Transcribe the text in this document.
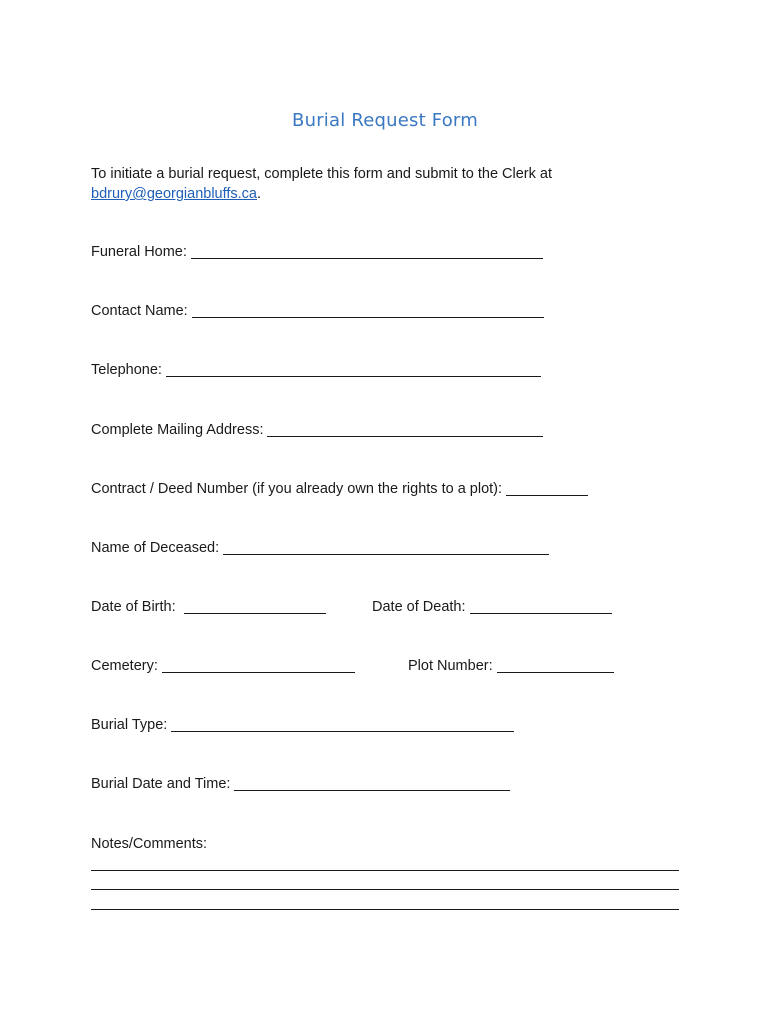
Burial Request Form
To initiate a burial request, complete this form and submit to the Clerk at
bdrury@georgianbluffs.ca.
Funeral Home:
Contact Name:
Telephone:
Complete Mailing Address:
Contract / Deed Number (if you already own the rights to a plot):
Name of Deceased:
Date of Birth:	Date of Death:
Cemetery:	Plot Number:
Burial Type:
Burial Date and Time:
Notes/Comments:
